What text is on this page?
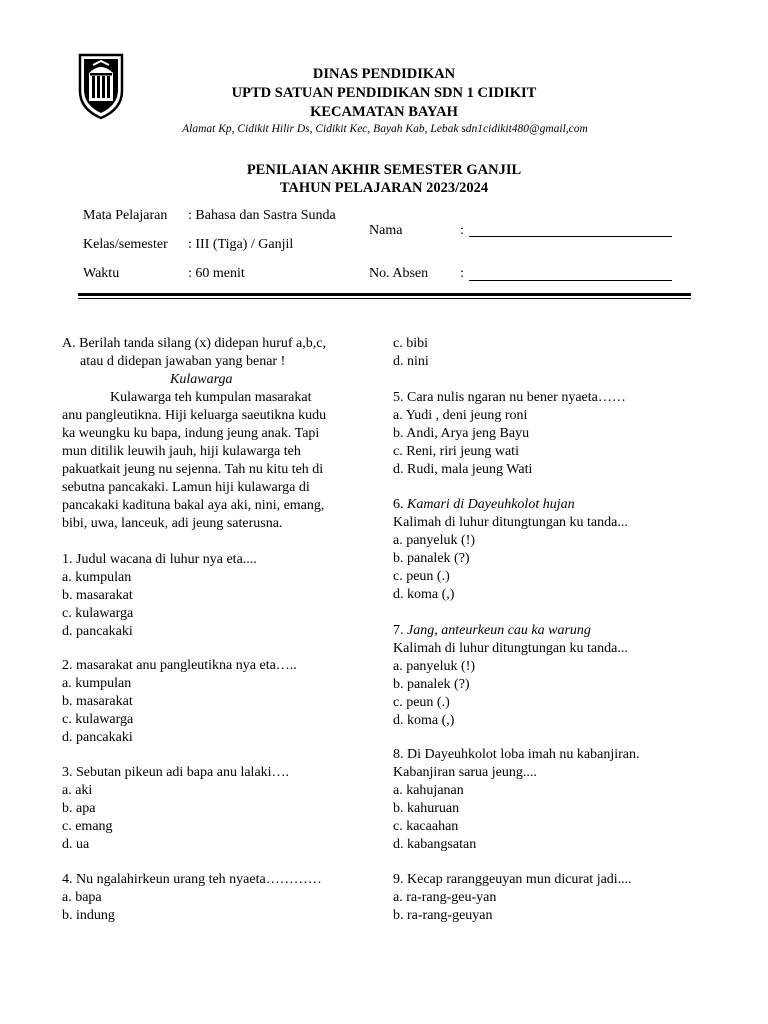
DINAS PENDIDIKAN
UPTD SATUAN PENDIDIKAN SDN 1 CIDIKIT
KECAMATAN BAYAH
Alamat Kp, Cidikit Hilir Ds, Cidikit Kec, Bayah Kab, Lebak sdn1cidikit480@gmail,com
PENILAIAN AKHIR SEMESTER GANJIL
TAHUN PELAJARAN 2023/2024
Mata Pelajaran : Bahasa dan Sastra Sunda
Kelas/semester : III (Tiga) / Ganjil
Waktu	: 60 menit
Nama	:
No. Absen :
A. Berilah tanda silang (x) didepan huruf a,b,c,
atau d didepan jawaban yang benar !
Kulawarga
Kulawarga teh kumpulan masarakat
anu pangleutikna. Hiji keluarga saeutikna kudu
ka weungku ku bapa, indung jeung anak. Tapi
mun ditilik leuwih jauh, hiji kulawarga teh
pakuatkait jeung nu sejenna. Tah nu kitu teh di
sebutna pancakaki. Lamun hiji kulawarga di
pancakaki kadituna bakal aya aki, nini, emang,
bibi, uwa, lanceuk, adi jeung saterusna.
1. Judul wacana di luhur nya eta....
a. kumpulan
b. masarakat
c. kulawarga
d. pancakaki
2. masarakat anu pangleutikna nya eta…..
a. kumpulan
b. masarakat
c. kulawarga
d. pancakaki
3. Sebutan pikeun adi bapa anu lalaki….
a. aki
b. apa
c. emang
d. ua
4. Nu ngalahirkeun urang teh nyaeta…………
a. bapa
b. indung
c. bibi
d. nini
5. Cara nulis ngaran nu bener nyaeta……
a. Yudi , deni jeung roni
b. Andi, Arya jeng Bayu
c. Reni, riri jeung wati
d. Rudi, mala jeung Wati
6. Kamari di Dayeuhkolot hujan
Kalimah di luhur ditungtungan ku tanda...
a. panyeluk (!)
b. panalek (?)
c. peun (.)
d. koma (,)
7. Jang, anteurkeun cau ka warung
Kalimah di luhur ditungtungan ku tanda...
a. panyeluk (!)
b. panalek (?)
c. peun (.)
d. koma (,)
8. Di Dayeuhkolot loba imah nu kabanjiran.
Kabanjiran sarua jeung....
a. kahujanan
b. kahuruan
c. kacaahan
d. kabangsatan
9. Kecap raranggeuyan mun dicurat jadi....
a. ra-rang-geu-yan
b. ra-rang-geuyan
